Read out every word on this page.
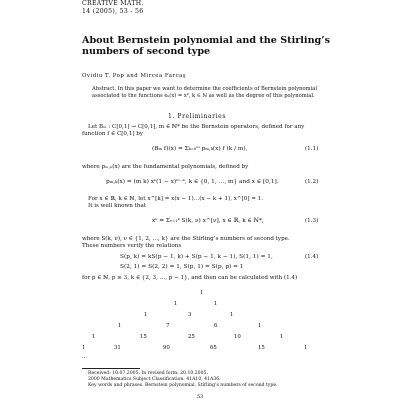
CREATIVE MATH.
14 (2005), 53 - 56
About Bernstein polynomial and the Stirling’s
numbers of second type
Ovidiu T. Pop and Mircea Farcaş
Abstract. In this paper we want to determine the coefficients of Bernstein polynomial associated to the functions eₖ(x) = xᵏ, k ∈ ℕ as well as the degree of this polynomial.
1. Preliminaries
Let Bₘ : C[0,1] → C[0,1], m ∈ ℕ* be the Bernstein operators, defined for any
function f ∈ C[0,1] by
(Bₘ f)(x) = Σₖ₌₀ᵐ pₘ,ₖ(x) f (k / m),	(1.1)
where pₘ,ₖ(x) are the fundamental polynomials, defined by
pₘ,ₖ(x) = (m k) xᵏ(1 − x)ᵐ⁻ᵏ, k ∈ {0, 1, …, m} and x ∈ [0,1].	(1.2)
For x ∈ ℝ, k ∈ ℕ, let x^[k] = x(x − 1)…(x − k + 1), x^[0] = 1.
It is well known that
xᵏ = Σᵥ₌₁ᵏ S(k, ν) x^[ν], x ∈ ℝ, k ∈ ℕ*,	(1.3)
where S(k, ν), ν ∈ {1, 2, …, k} are the Stirling’s numbers of second type.
These numbers verify the relations
S(p, k) = kS(p − 1, k) + S(p − 1, k − 1), S(1, 1) = 1,	(1.4)
S(2, 1) = S(2, 2) = 1, S(p, 1) = S(p, p) = 1
for p ∈ ℕ, p ≥ 3, k ∈ {2, 3, …, p − 1}, and then can be calculated with (1.4)
1
1	1
1	3	1
1	7	6	1
1	15	25	10	1
1	31	90	65	15	1
…
Received: 10.07.2005. In revised form: 20.10.2005.
2000 Mathematics Subject Classification. 41A10, 41A36.
Key words and phrases. Bernstein polynomial, Stirling’s numbers of second type.
53
